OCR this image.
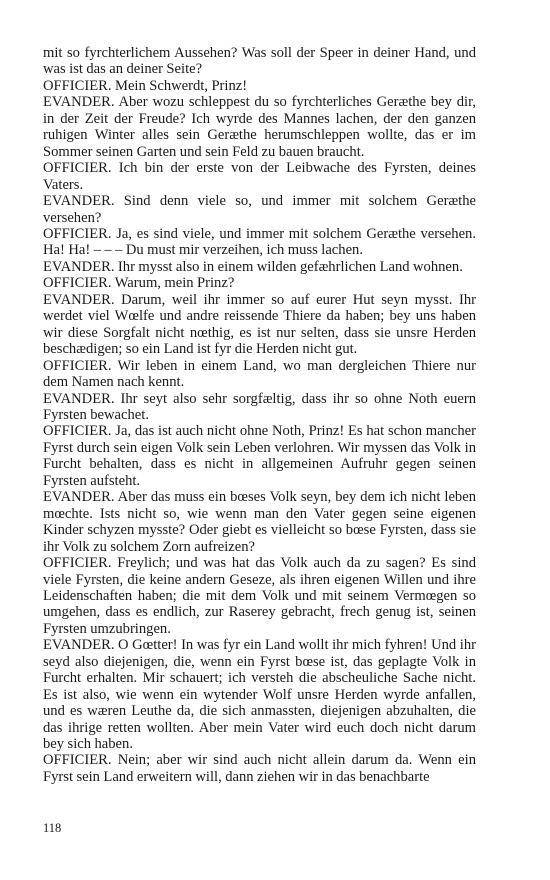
mit so fyrchterlichem Aussehen? Was soll der Speer in deiner Hand, und was ist das an deiner Seite?

OFFICIER. Mein Schwerdt, Prinz!

EVANDER. Aber wozu schleppest du so fyrchterliches Geræthe bey dir, in der Zeit der Freude? Ich wyrde des Mannes lachen, der den ganzen ruhigen Winter alles sein Geræthe herumschleppen wollte, das er im Sommer seinen Garten und sein Feld zu bauen braucht.

OFFICIER. Ich bin der erste von der Leibwache des Fyrsten, deines Vaters.

EVANDER. Sind denn viele so, und immer mit solchem Geræthe versehen?

OFFICIER. Ja, es sind viele, und immer mit solchem Geræthe versehen. Ha! Ha! – – – Du must mir verzeihen, ich muss lachen.

EVANDER. Ihr mysst also in einem wilden gefæhrlichen Land wohnen.

OFFICIER. Warum, mein Prinz?

EVANDER. Darum, weil ihr immer so auf eurer Hut seyn mysst. Ihr werdet viel Wœlfe und andre reissende Thiere da haben; bey uns haben wir diese Sorgfalt nicht nœthig, es ist nur selten, dass sie unsre Herden beschædigen; so ein Land ist fyr die Herden nicht gut.

OFFICIER. Wir leben in einem Land, wo man dergleichen Thiere nur dem Namen nach kennt.

EVANDER. Ihr seyt also sehr sorgfæltig, dass ihr so ohne Noth euern Fyrsten bewachet.

OFFICIER. Ja, das ist auch nicht ohne Noth, Prinz! Es hat schon mancher Fyrst durch sein eigen Volk sein Leben verlohren. Wir myssen das Volk in Furcht behalten, dass es nicht in allgemeinen Aufruhr gegen seinen Fyrsten aufsteht.

EVANDER. Aber das muss ein bœses Volk seyn, bey dem ich nicht leben mœchte. Ists nicht so, wie wenn man den Vater gegen seine eigenen Kinder schyzen mysste? Oder giebt es vielleicht so bœse Fyrsten, dass sie ihr Volk zu solchem Zorn aufreizen?

OFFICIER. Freylich; und was hat das Volk auch da zu sagen? Es sind viele Fyrsten, die keine andern Geseze, als ihren eigenen Willen und ihre Leidenschaften haben; die mit dem Volk und mit seinem Vermœgen so umgehen, dass es endlich, zur Raserey gebracht, frech genug ist, seinen Fyrsten umzubringen.

EVANDER. O Gœtter! In was fyr ein Land wollt ihr mich fyhren! Und ihr seyd also diejenigen, die, wenn ein Fyrst bœse ist, das geplagte Volk in Furcht erhalten. Mir schauert; ich versteh die abscheuliche Sache nicht. Es ist also, wie wenn ein wytender Wolf unsre Herden wyrde anfallen, und es wæren Leuthe da, die sich anmassten, diejenigen abzuhalten, die das ihrige retten wollten. Aber mein Vater wird euch doch nicht darum bey sich haben.

OFFICIER. Nein; aber wir sind auch nicht allein darum da. Wenn ein Fyrst sein Land erweitern will, dann ziehen wir in das benachbarte

118
